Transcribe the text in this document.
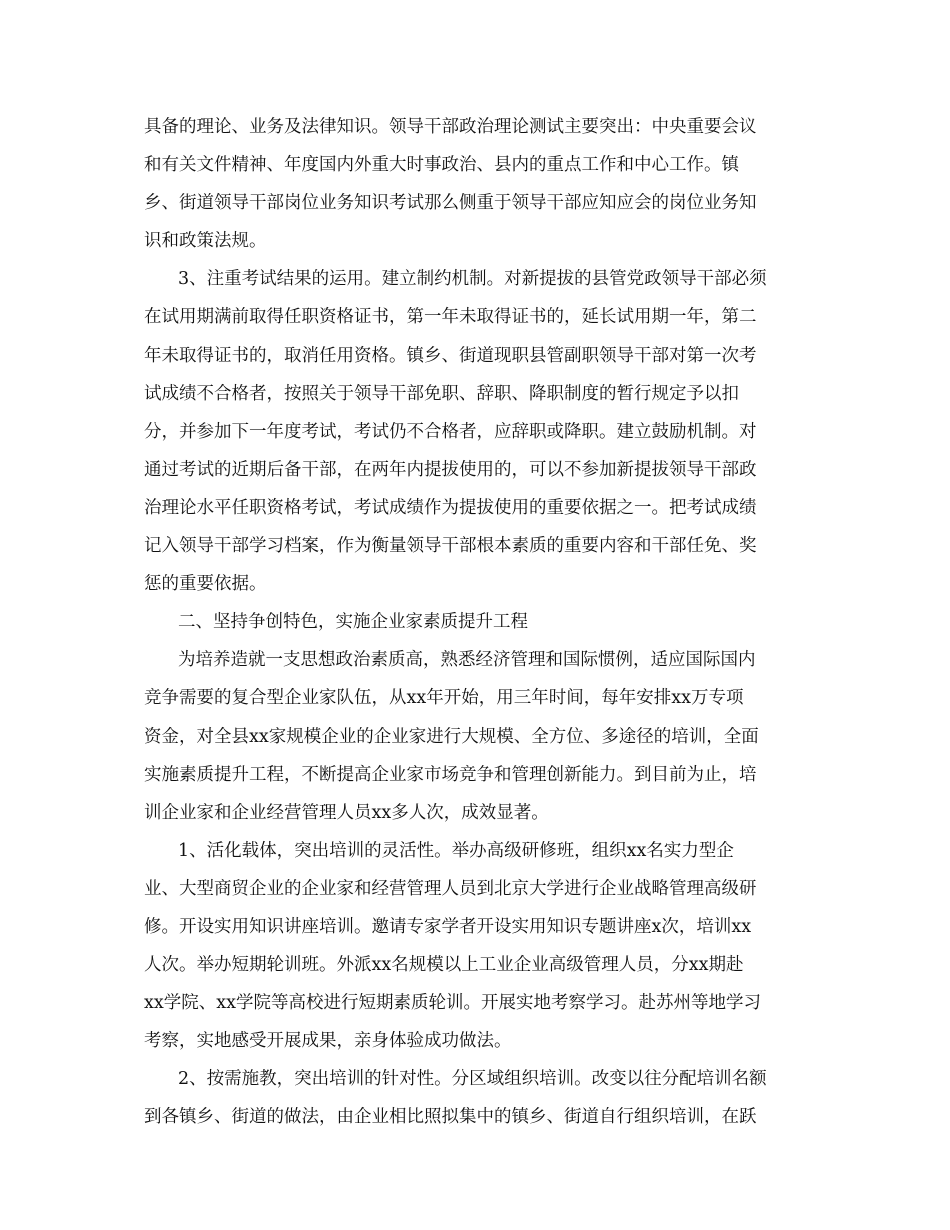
具备的理论、业务及法律知识。领导干部政治理论测试主要突出：中央重要会议
和有关文件精神、年度国内外重大时事政治、县内的重点工作和中心工作。镇
乡、街道领导干部岗位业务知识考试那么侧重于领导干部应知应会的岗位业务知
识和政策法规。
3、注重考试结果的运用。建立制约机制。对新提拔的县管党政领导干部必须
在试用期满前取得任职资格证书，第一年未取得证书的，延长试用期一年，第二
年未取得证书的，取消任用资格。镇乡、街道现职县管副职领导干部对第一次考
试成绩不合格者，按照关于领导干部免职、辞职、降职制度的暂行规定予以扣
分，并参加下一年度考试，考试仍不合格者，应辞职或降职。建立鼓励机制。对
通过考试的近期后备干部，在两年内提拔使用的，可以不参加新提拔领导干部政
治理论水平任职资格考试，考试成绩作为提拔使用的重要依据之一。把考试成绩
记入领导干部学习档案，作为衡量领导干部根本素质的重要内容和干部任免、奖
惩的重要依据。
二、坚持争创特色，实施企业家素质提升工程
为培养造就一支思想政治素质高，熟悉经济管理和国际惯例，适应国际国内
竞争需要的复合型企业家队伍，从xx年开始，用三年时间，每年安排xx万专项
资金，对全县xx家规模企业的企业家进行大规模、全方位、多途径的培训，全面
实施素质提升工程，不断提高企业家市场竞争和管理创新能力。到目前为止，培
训企业家和企业经营管理人员xx多人次，成效显著。
1、活化载体，突出培训的灵活性。举办高级研修班，组织xx名实力型企
业、大型商贸企业的企业家和经营管理人员到北京大学进行企业战略管理高级研
修。开设实用知识讲座培训。邀请专家学者开设实用知识专题讲座x次，培训xx
人次。举办短期轮训班。外派xx名规模以上工业企业高级管理人员，分xx期赴
xx学院、xx学院等高校进行短期素质轮训。开展实地考察学习。赴苏州等地学习
考察，实地感受开展成果，亲身体验成功做法。
2、按需施教，突出培训的针对性。分区域组织培训。改变以往分配培训名额
到各镇乡、街道的做法，由企业相比照拟集中的镇乡、街道自行组织培训，在跃
